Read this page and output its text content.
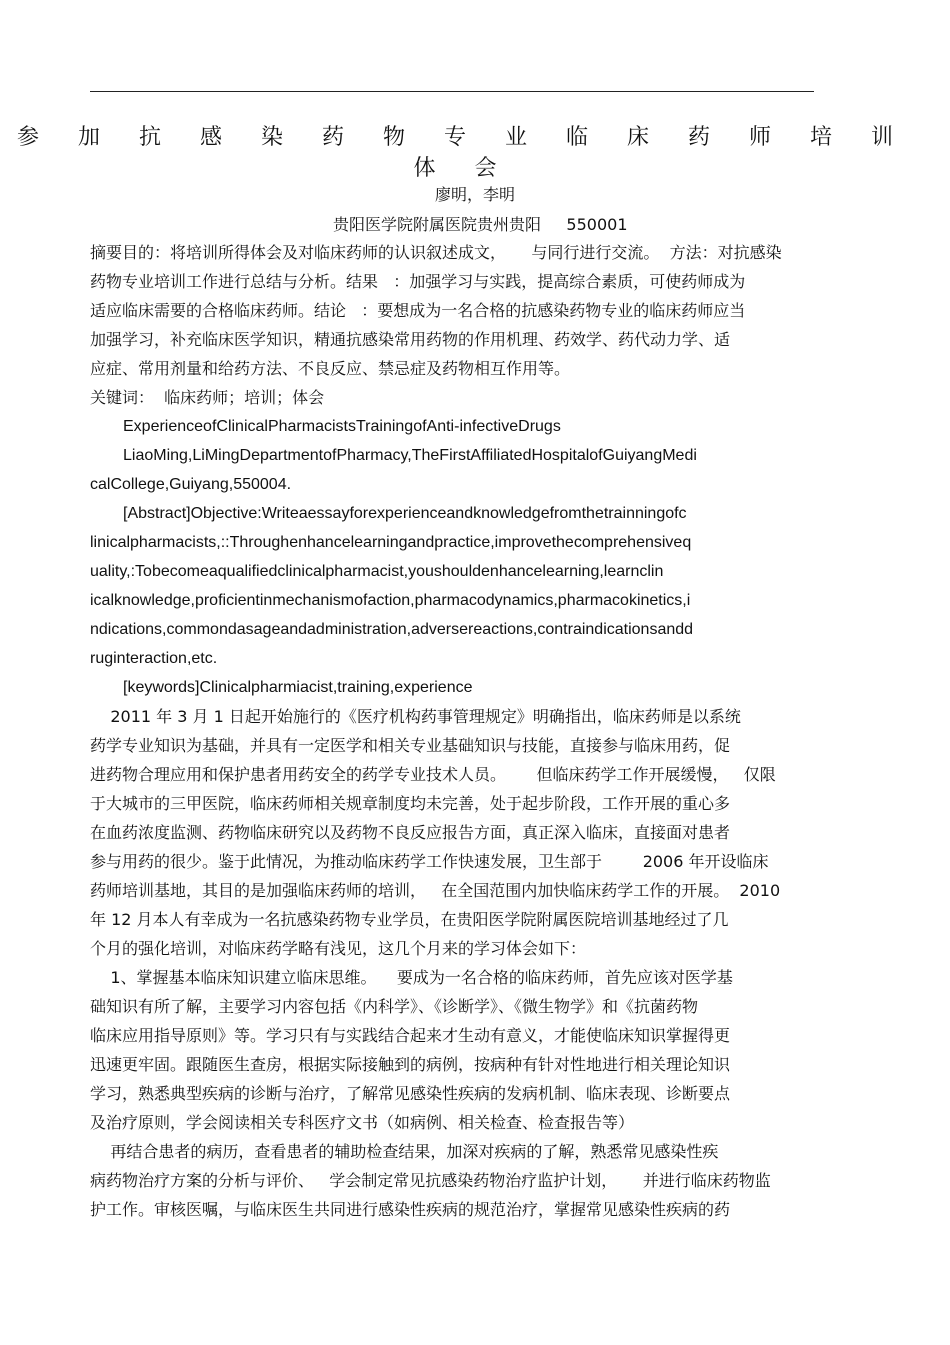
参 加 抗 感 染 药 物 专 业 临 床 药 师 培 训 体 会

廖明，李明

贵阳医学院附属医院贵州贵阳     550001

摘要目的：将培训所得体会及对临床药师的认识叙述成文，     与同行进行交流。  方法：对抗感染

药物专业培训工作进行总结与分析。结果   ：加强学习与实践，提高综合素质，可使药师成为

适应临床需要的合格临床药师。结论   ：要想成为一名合格的抗感染药物专业的临床药师应当

加强学习，补充临床医学知识，精通抗感染常用药物的作用机理、药效学、药代动力学、适

应症、常用剂量和给药方法、不良反应、禁忌症及药物相互作用等。

关键词：  临床药师；培训；体会

ExperienceofClinicalPharmacistsTrainingofAnti-infectiveDrugs

LiaoMing,LiMingDepartmentofPharmacy,TheFirstAffiliatedHospitalofGuiyangMedi

calCollege,Guiyang,550004.

[Abstract]Objective:Writeaessayforexperienceandknowledgefromthetrainningofc

linicalpharmacists,::Throughenhancelearningandpractice,improvethecomprehensiveq

uality,:Tobecomeaqualifiedclinicalpharmacist,youshouldenhancelearning,learnclin

icalknowledge,proficientinmechanismofaction,pharmacodynamics,pharmacokinetics,i

ndications,commondasageandadministration,adversereactions,contraindicationsandd

ruginteraction,etc.

[keywords]Clinicalpharmiacist,training,experience

2011 年 3 月 1 日起开始施行的《医疗机构药事管理规定》明确指出，临床药师是以系统

药学专业知识为基础，并具有一定医学和相关专业基础知识与技能，直接参与临床用药，促

进药物合理应用和保护患者用药安全的药学专业技术人员。      但临床药学工作开展缓慢，   仅限

于大城市的三甲医院，临床药师相关规章制度均未完善，处于起步阶段，工作开展的重心多

在血药浓度监测、药物临床研究以及药物不良反应报告方面，真正深入临床，直接面对患者

参与用药的很少。鉴于此情况，为推动临床药学工作快速发展，卫生部于        2006 年开设临床

药师培训基地，其目的是加强临床药师的培训，   在全国范围内加快临床药学工作的开展。  2010

年 12 月本人有幸成为一名抗感染药物专业学员，在贵阳医学院附属医院培训基地经过了几

个月的强化培训，对临床药学略有浅见，这几个月来的学习体会如下：

1、掌握基本临床知识建立临床思维。    要成为一名合格的临床药师，首先应该对医学基

础知识有所了解，主要学习内容包括《内科学》、《诊断学》、《微生物学》和《抗菌药物

临床应用指导原则》等。学习只有与实践结合起来才生动有意义，才能使临床知识掌握得更

迅速更牢固。跟随医生查房，根据实际接触到的病例，按病种有针对性地进行相关理论知识

学习，熟悉典型疾病的诊断与治疗，了解常见感染性疾病的发病机制、临床表现、诊断要点

及治疗原则，学会阅读相关专科医疗文书（如病例、相关检查、检查报告等）

再结合患者的病历，查看患者的辅助检查结果，加深对疾病的了解，熟悉常见感染性疾

病药物治疗方案的分析与评价、   学会制定常见抗感染药物治疗监护计划，     并进行临床药物监

护工作。审核医嘱，与临床医生共同进行感染性疾病的规范治疗，掌握常见感染性疾病的药
